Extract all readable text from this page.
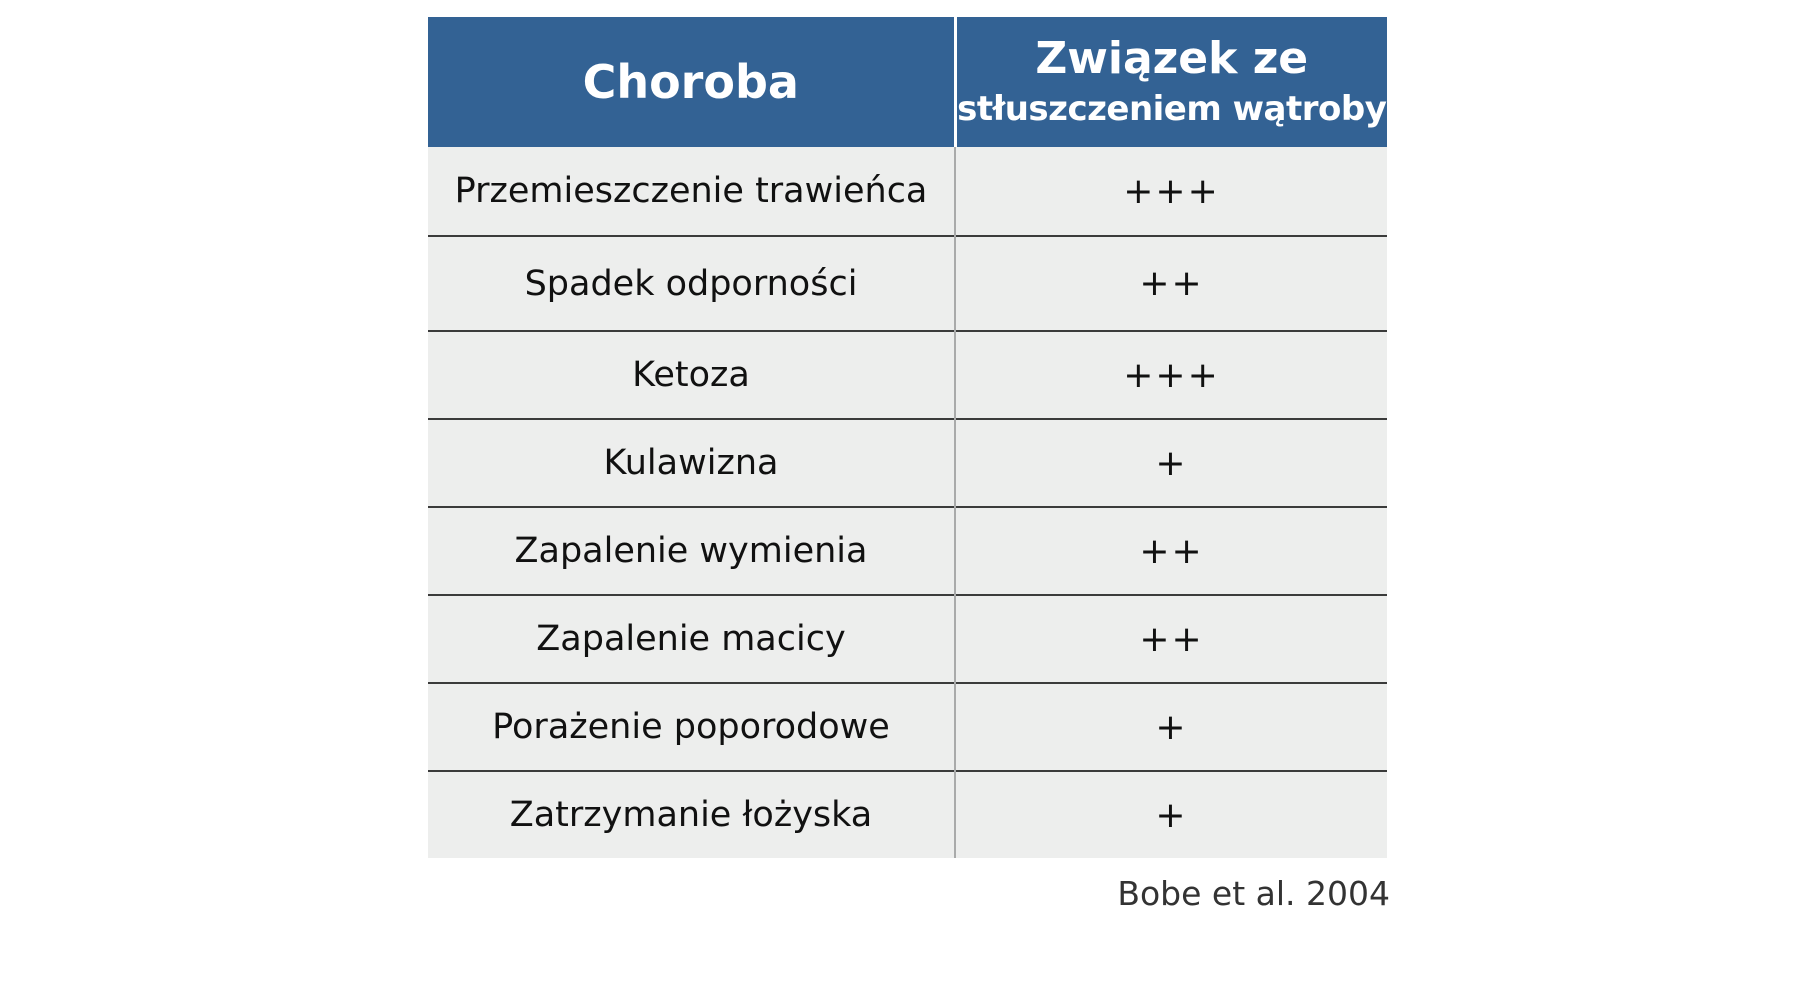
Choroba	Związek ze
stłuszczeniem wątroby

Przemieszczenie trawieńca	+++
Spadek odporności	++
Ketoza	+++
Kulawizna	+
Zapalenie wymienia	++
Zapalenie macicy	++
Porażenie poporodowe	+
Zatrzymanie łożyska	+
Bobe et al. 2004
